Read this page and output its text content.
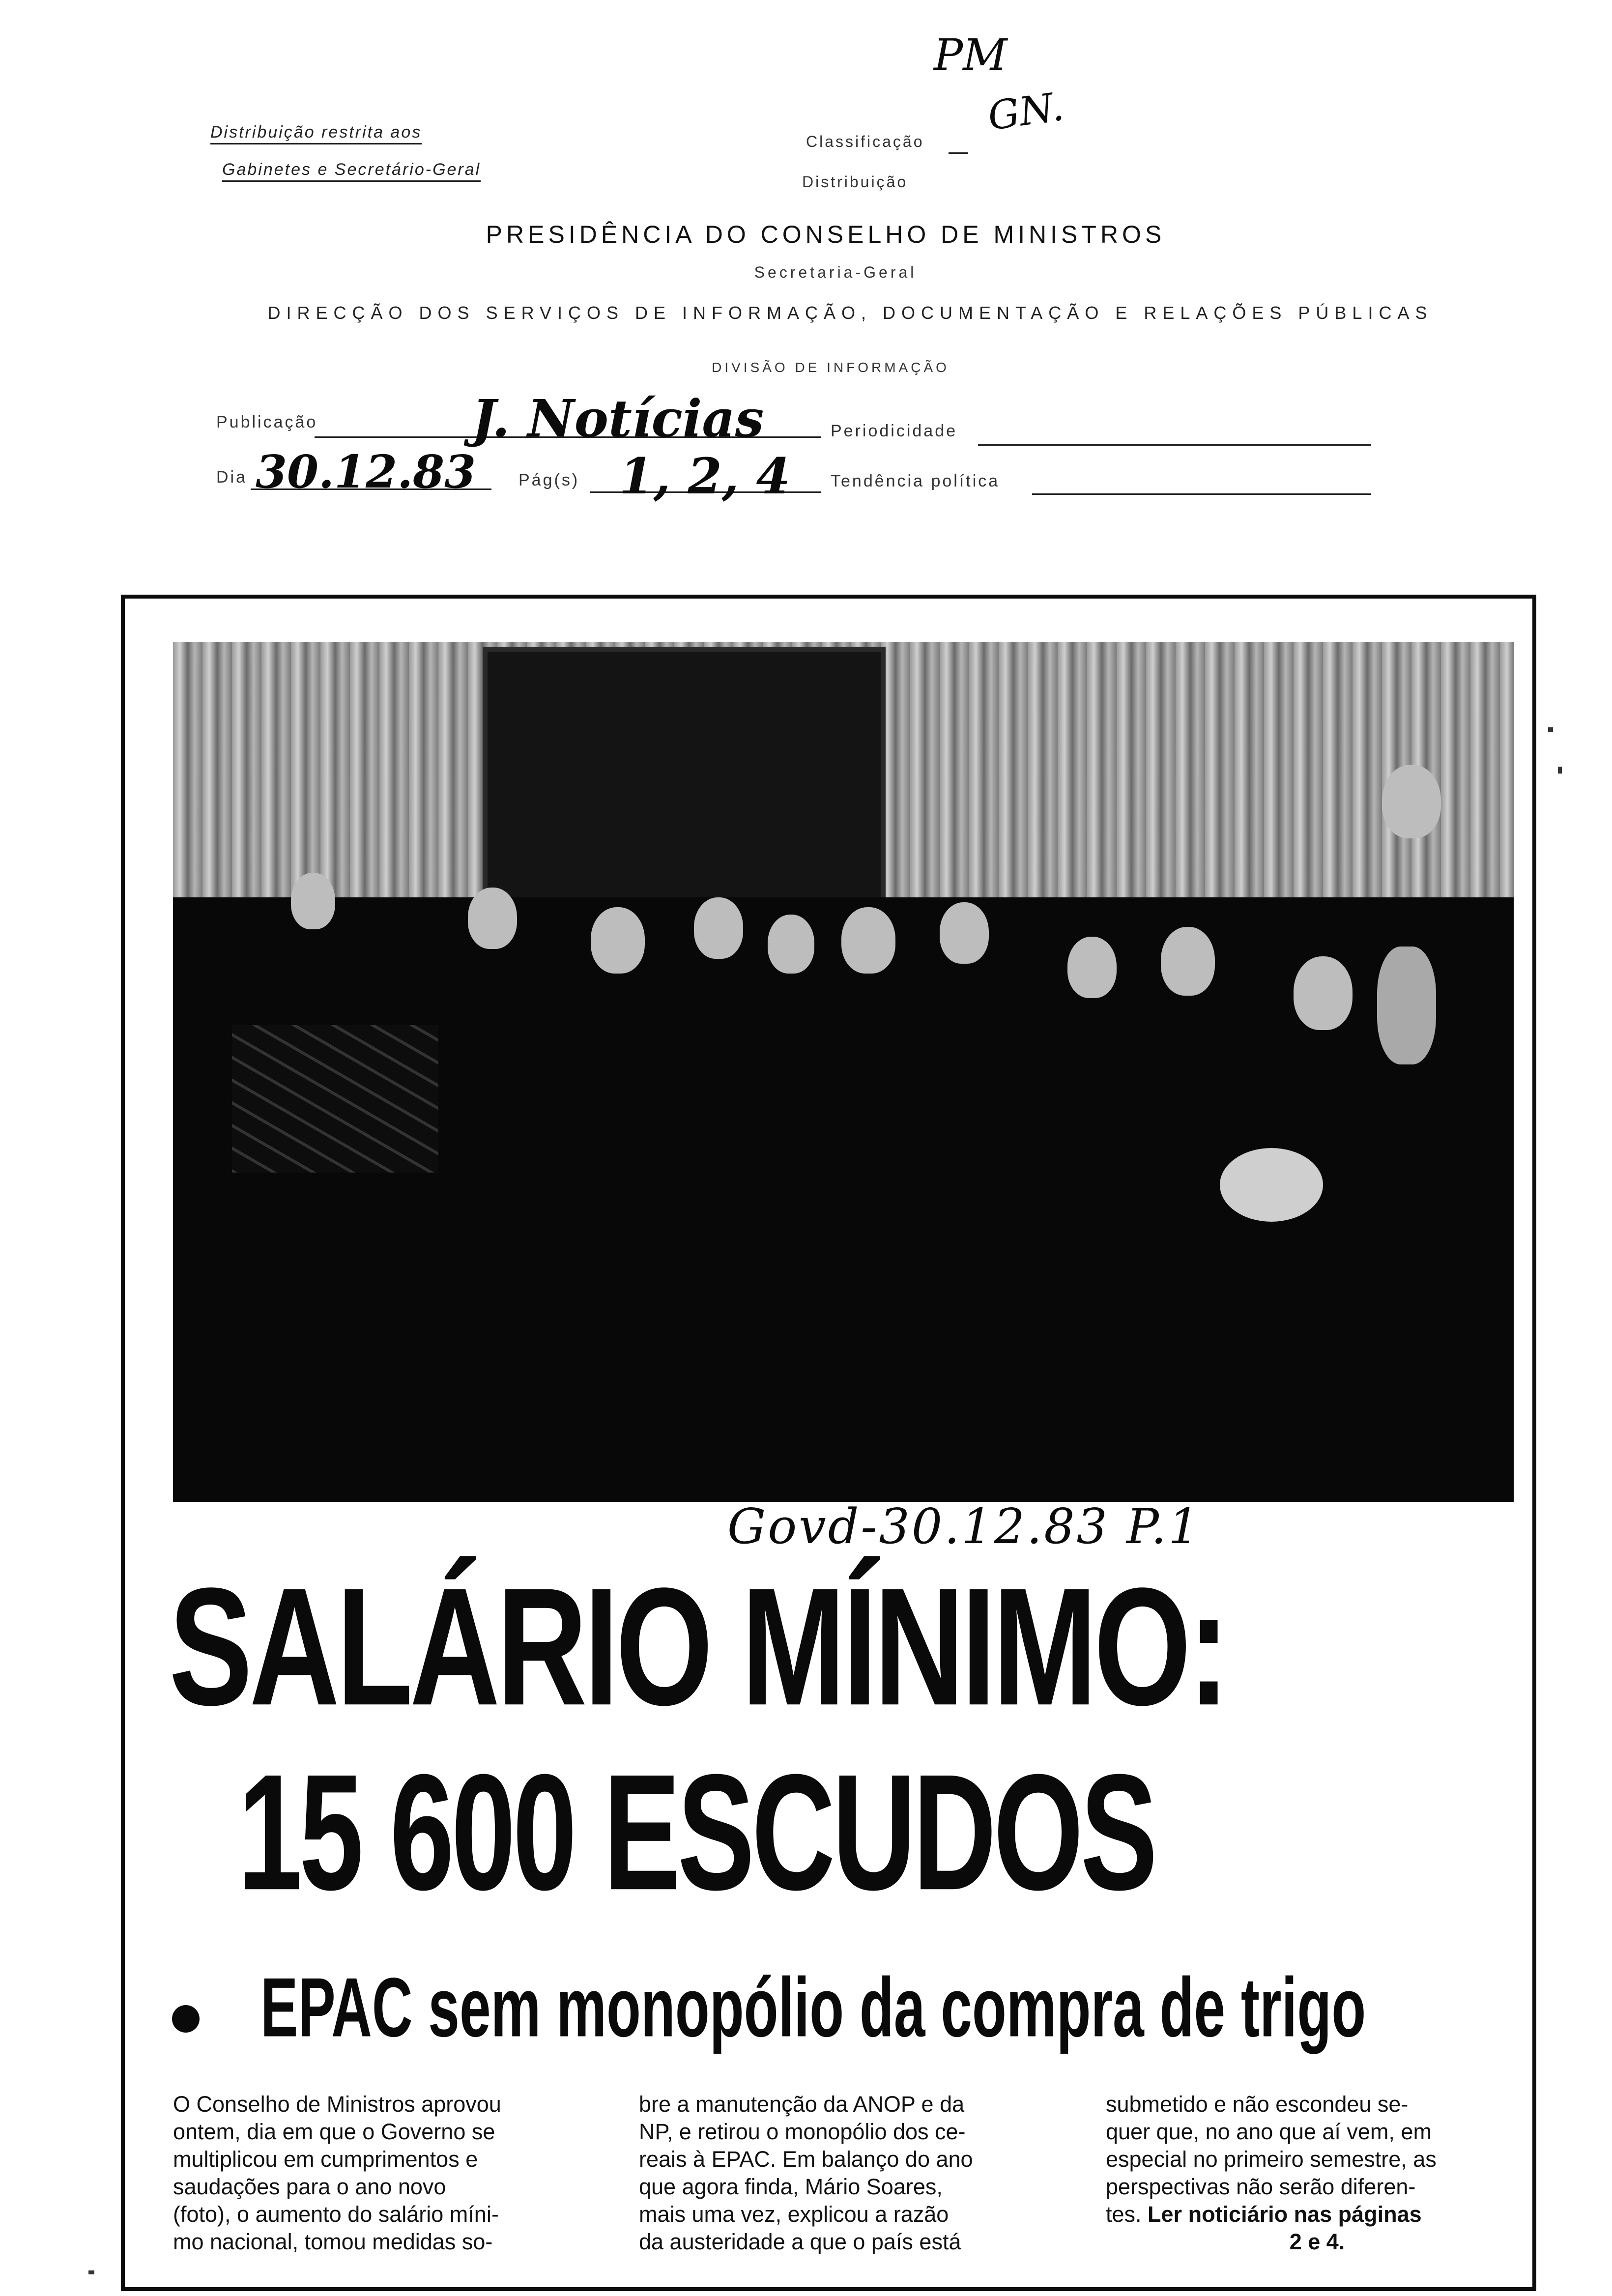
PM
GN.
Distribuição restrita aos
Gabinetes e Secretário-Geral
Classificação
Distribuição
PRESIDÊNCIA DO CONSELHO DE MINISTROS
Secretaria-Geral
DIRECÇÃO DOS SERVIÇOS DE INFORMAÇÃO, DOCUMENTAÇÃO E RELAÇÕES PÚBLICAS
DIVISÃO DE INFORMAÇÃO
Publicação	J. Notícias	Periodicidade
Dia 30.12.83	Pág(s) 1, 2, 4 Tendência política
Govd-30.12.83 P.1
SALÁRIO MÍNIMO:
15 600 ESCUDOS
EPAC sem monopólio da compra de trigo
O Conselho de Ministros aprovou
ontem, dia em que o Governo se
multiplicou em cumprimentos e
saudações para o ano novo
(foto), o aumento do salário míni-
mo nacional, tomou medidas so-
bre a manutenção da ANOP e da
NP, e retirou o monopólio dos ce-
reais à EPAC. Em balanço do ano
que agora finda, Mário Soares,
mais uma vez, explicou a razão
da austeridade a que o país está
submetido e não escondeu se-
quer que, no ano que aí vem, em
especial no primeiro semestre, as
perspectivas não serão diferen-
tes. Ler noticiário nas páginas
2 e 4.
